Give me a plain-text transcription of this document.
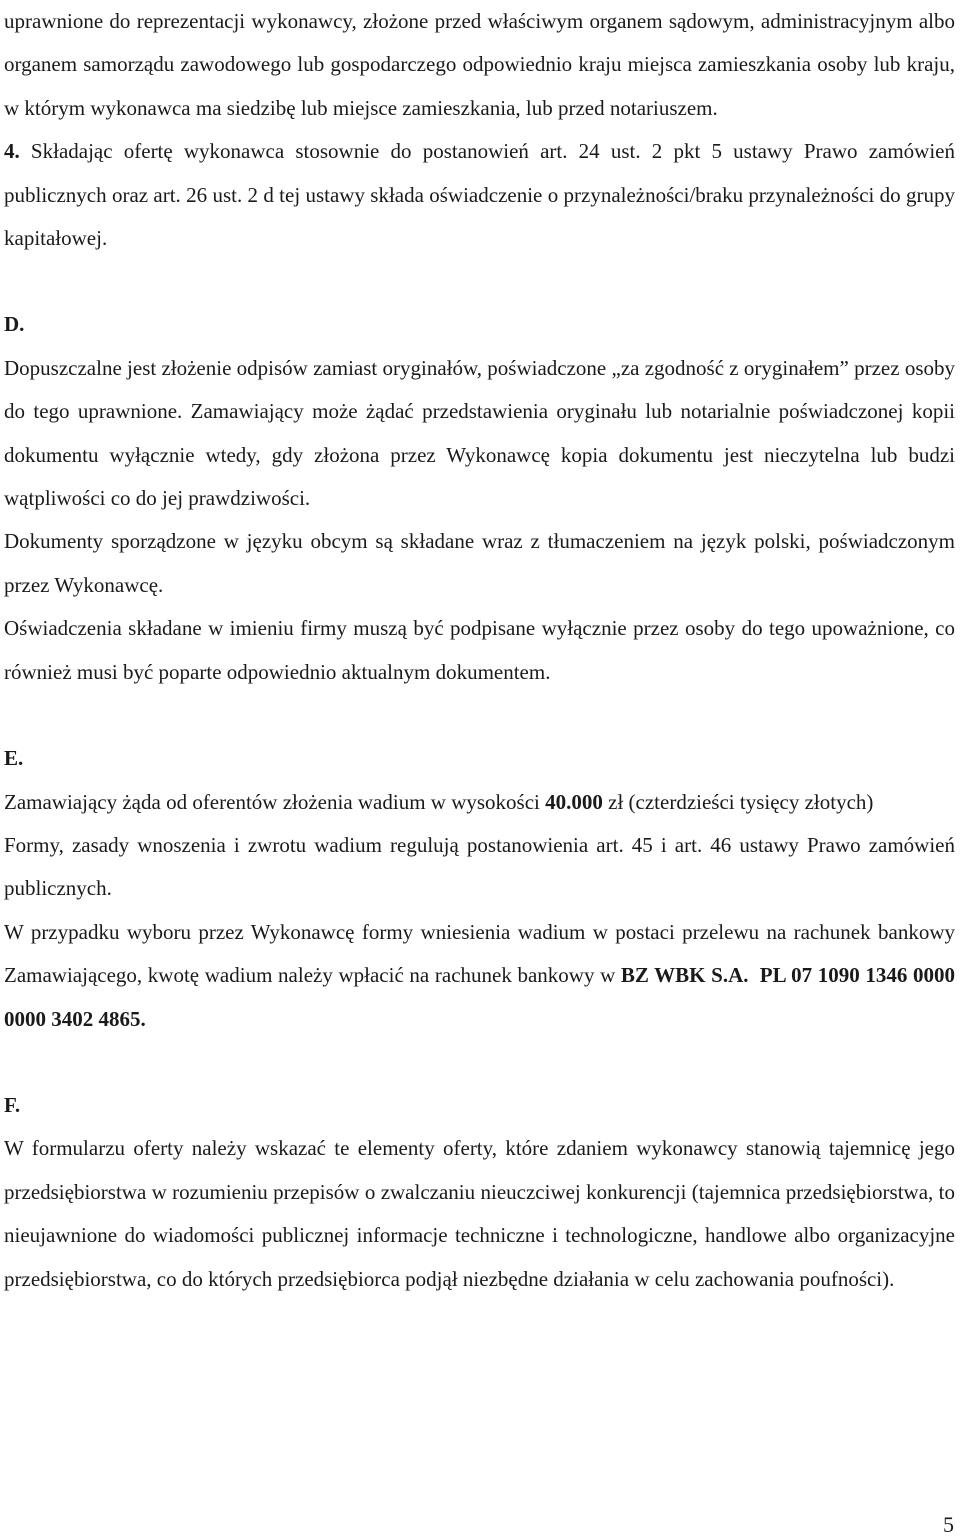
uprawnione do reprezentacji wykonawcy, złożone przed właściwym organem sądowym, administracyjnym albo organem samorządu zawodowego lub gospodarczego odpowiednio kraju miejsca zamieszkania osoby lub kraju, w którym wykonawca ma siedzibę lub miejsce zamieszkania, lub przed notariuszem.

4. Składając ofertę wykonawca stosownie do postanowień art. 24 ust. 2 pkt 5 ustawy Prawo zamówień publicznych oraz art. 26 ust. 2 d tej ustawy składa oświadczenie o przynależności/braku przynależności do grupy kapitałowej.

D.

Dopuszczalne jest złożenie odpisów zamiast oryginałów, poświadczone „za zgodność z oryginałem” przez osoby do tego uprawnione. Zamawiający może żądać przedstawienia oryginału lub notarialnie poświadczonej kopii dokumentu wyłącznie wtedy, gdy złożona przez Wykonawcę kopia dokumentu jest nieczytelna lub budzi wątpliwości co do jej prawdziwości.

Dokumenty sporządzone w języku obcym są składane wraz z tłumaczeniem na język polski, poświadczonym przez Wykonawcę.

Oświadczenia składane w imieniu firmy muszą być podpisane wyłącznie przez osoby do tego upoważnione, co również musi być poparte odpowiednio aktualnym dokumentem.

E.

Zamawiający żąda od oferentów złożenia wadium w wysokości 40.000 zł (czterdzieści tysięcy złotych)

Formy, zasady wnoszenia i zwrotu wadium regulują postanowienia art. 45 i art. 46 ustawy Prawo zamówień publicznych.

W przypadku wyboru przez Wykonawcę formy wniesienia wadium w postaci przelewu na rachunek bankowy Zamawiającego, kwotę wadium należy wpłacić na rachunek bankowy w BZ WBK S.A. PL 07 1090 1346 0000 0000 3402 4865.

F.

W formularzu oferty należy wskazać te elementy oferty, które zdaniem wykonawcy stanowią tajemnicę jego przedsiębiorstwa w rozumieniu przepisów o zwalczaniu nieuczciwej konkurencji (tajemnica przedsiębiorstwa, to nieujawnione do wiadomości publicznej informacje techniczne i technologiczne, handlowe albo organizacyjne przedsiębiorstwa, co do których przedsiębiorca podjął niezbędne działania w celu zachowania poufności).

5
